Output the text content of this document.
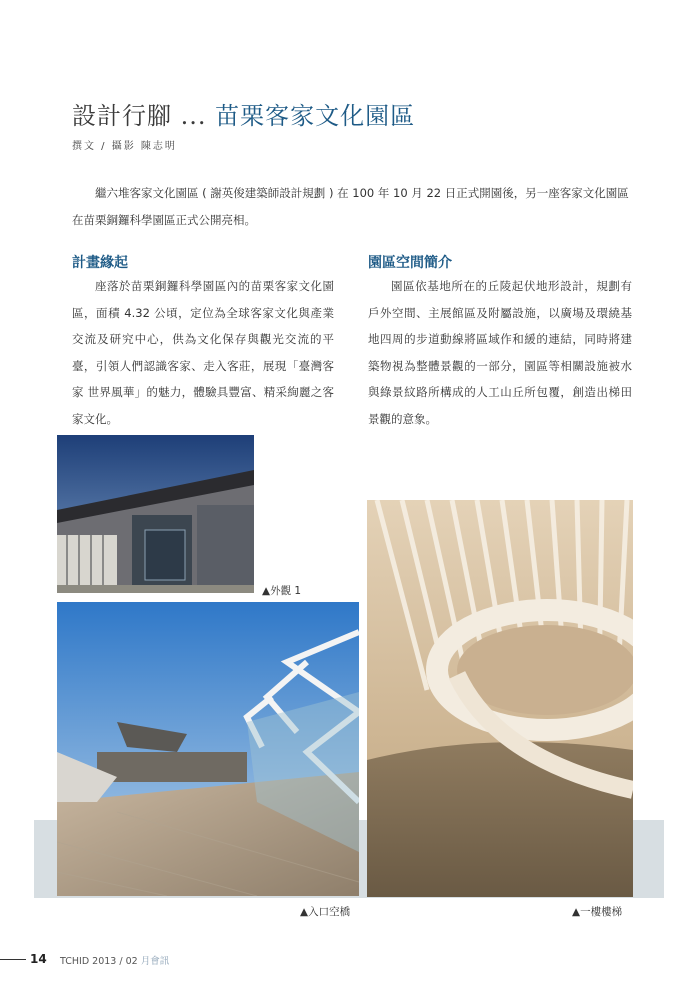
設計行腳 ... 苗栗客家文化園區
撰文 / 攝影 陳志明

繼六堆客家文化園區 ( 謝英俊建築師設計規劃 ) 在 100 年 10 月 22 日正式開園後，另一座客家文化園區在苗栗銅鑼科學園區正式公開亮相。

計畫緣起

座落於苗栗銅鑼科學園區內的苗栗客家文化園區，面積 4.32 公頃，定位為全球客家文化與產業交流及研究中心，供為文化保存與觀光交流的平臺，引領人們認識客家、走入客莊，展現「臺灣客家 世界風華」的魅力，體驗具豐富、精采絢麗之客家文化。

園區空間簡介

園區依基地所在的丘陵起伏地形設計，規劃有戶外空間、主展館區及附屬設施，以廣場及環繞基地四周的步道動線將區域作和緩的連結，同時將建築物視為整體景觀的一部分，園區等相關設施被水與綠景紋路所構成的人工山丘所包覆，創造出梯田景觀的意象。

▲外觀 1
▲入口空橋	▲一樓樓梯
14 TCHID 2013 / 02 月會訊
